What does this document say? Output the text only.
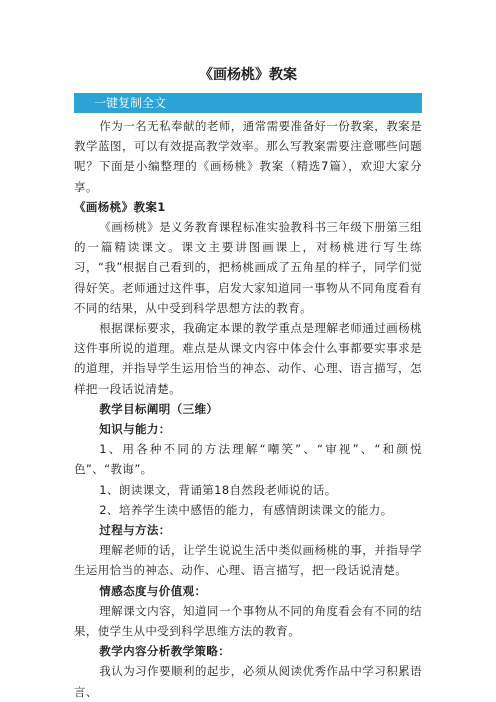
《画杨桃》教案
一键复制全文

作为一名无私奉献的老师，通常需要准备好一份教案，教案是教学蓝图，可以有效提高教学效率。那么写教案需要注意哪些问题呢？下面是小编整理的《画杨桃》教案（精选7篇），欢迎大家分享。

《画杨桃》教案1

《画杨桃》是义务教育课程标准实验教科书三年级下册第三组的一篇精读课文。课文主要讲图画课上，对杨桃进行写生练习，“我”根据自己看到的，把杨桃画成了五角星的样子，同学们觉得好笑。老师通过这件事，启发大家知道同一事物从不同角度看有不同的结果，从中受到科学思想方法的教育。

根据课标要求，我确定本课的教学重点是理解老师通过画杨桃这件事所说的道理。难点是从课文内容中体会什么事都要实事求是的道理，并指导学生运用恰当的神态、动作、心理、语言描写，怎样把一段话说清楚。

教学目标阐明（三维）

知识与能力：

1、用各种不同的方法理解“嘲笑”、“审视”、“和颜悦色”、“教诲”。

1、朗读课文，背诵第18自然段老师说的话。

2、培养学生读中感悟的能力，有感情朗读课文的能力。

过程与方法：

理解老师的话，让学生说说生活中类似画杨桃的事，并指导学生运用恰当的神态、动作、心理、语言描写，把一段话说清楚。

情感态度与价值观：

理解课文内容，知道同一个事物从不同的角度看会有不同的结果，使学生从中受到科学思维方法的教育。

教学内容分析教学策略：

我认为习作要顺利的起步，必须从阅读优秀作品中学习积累语言、
